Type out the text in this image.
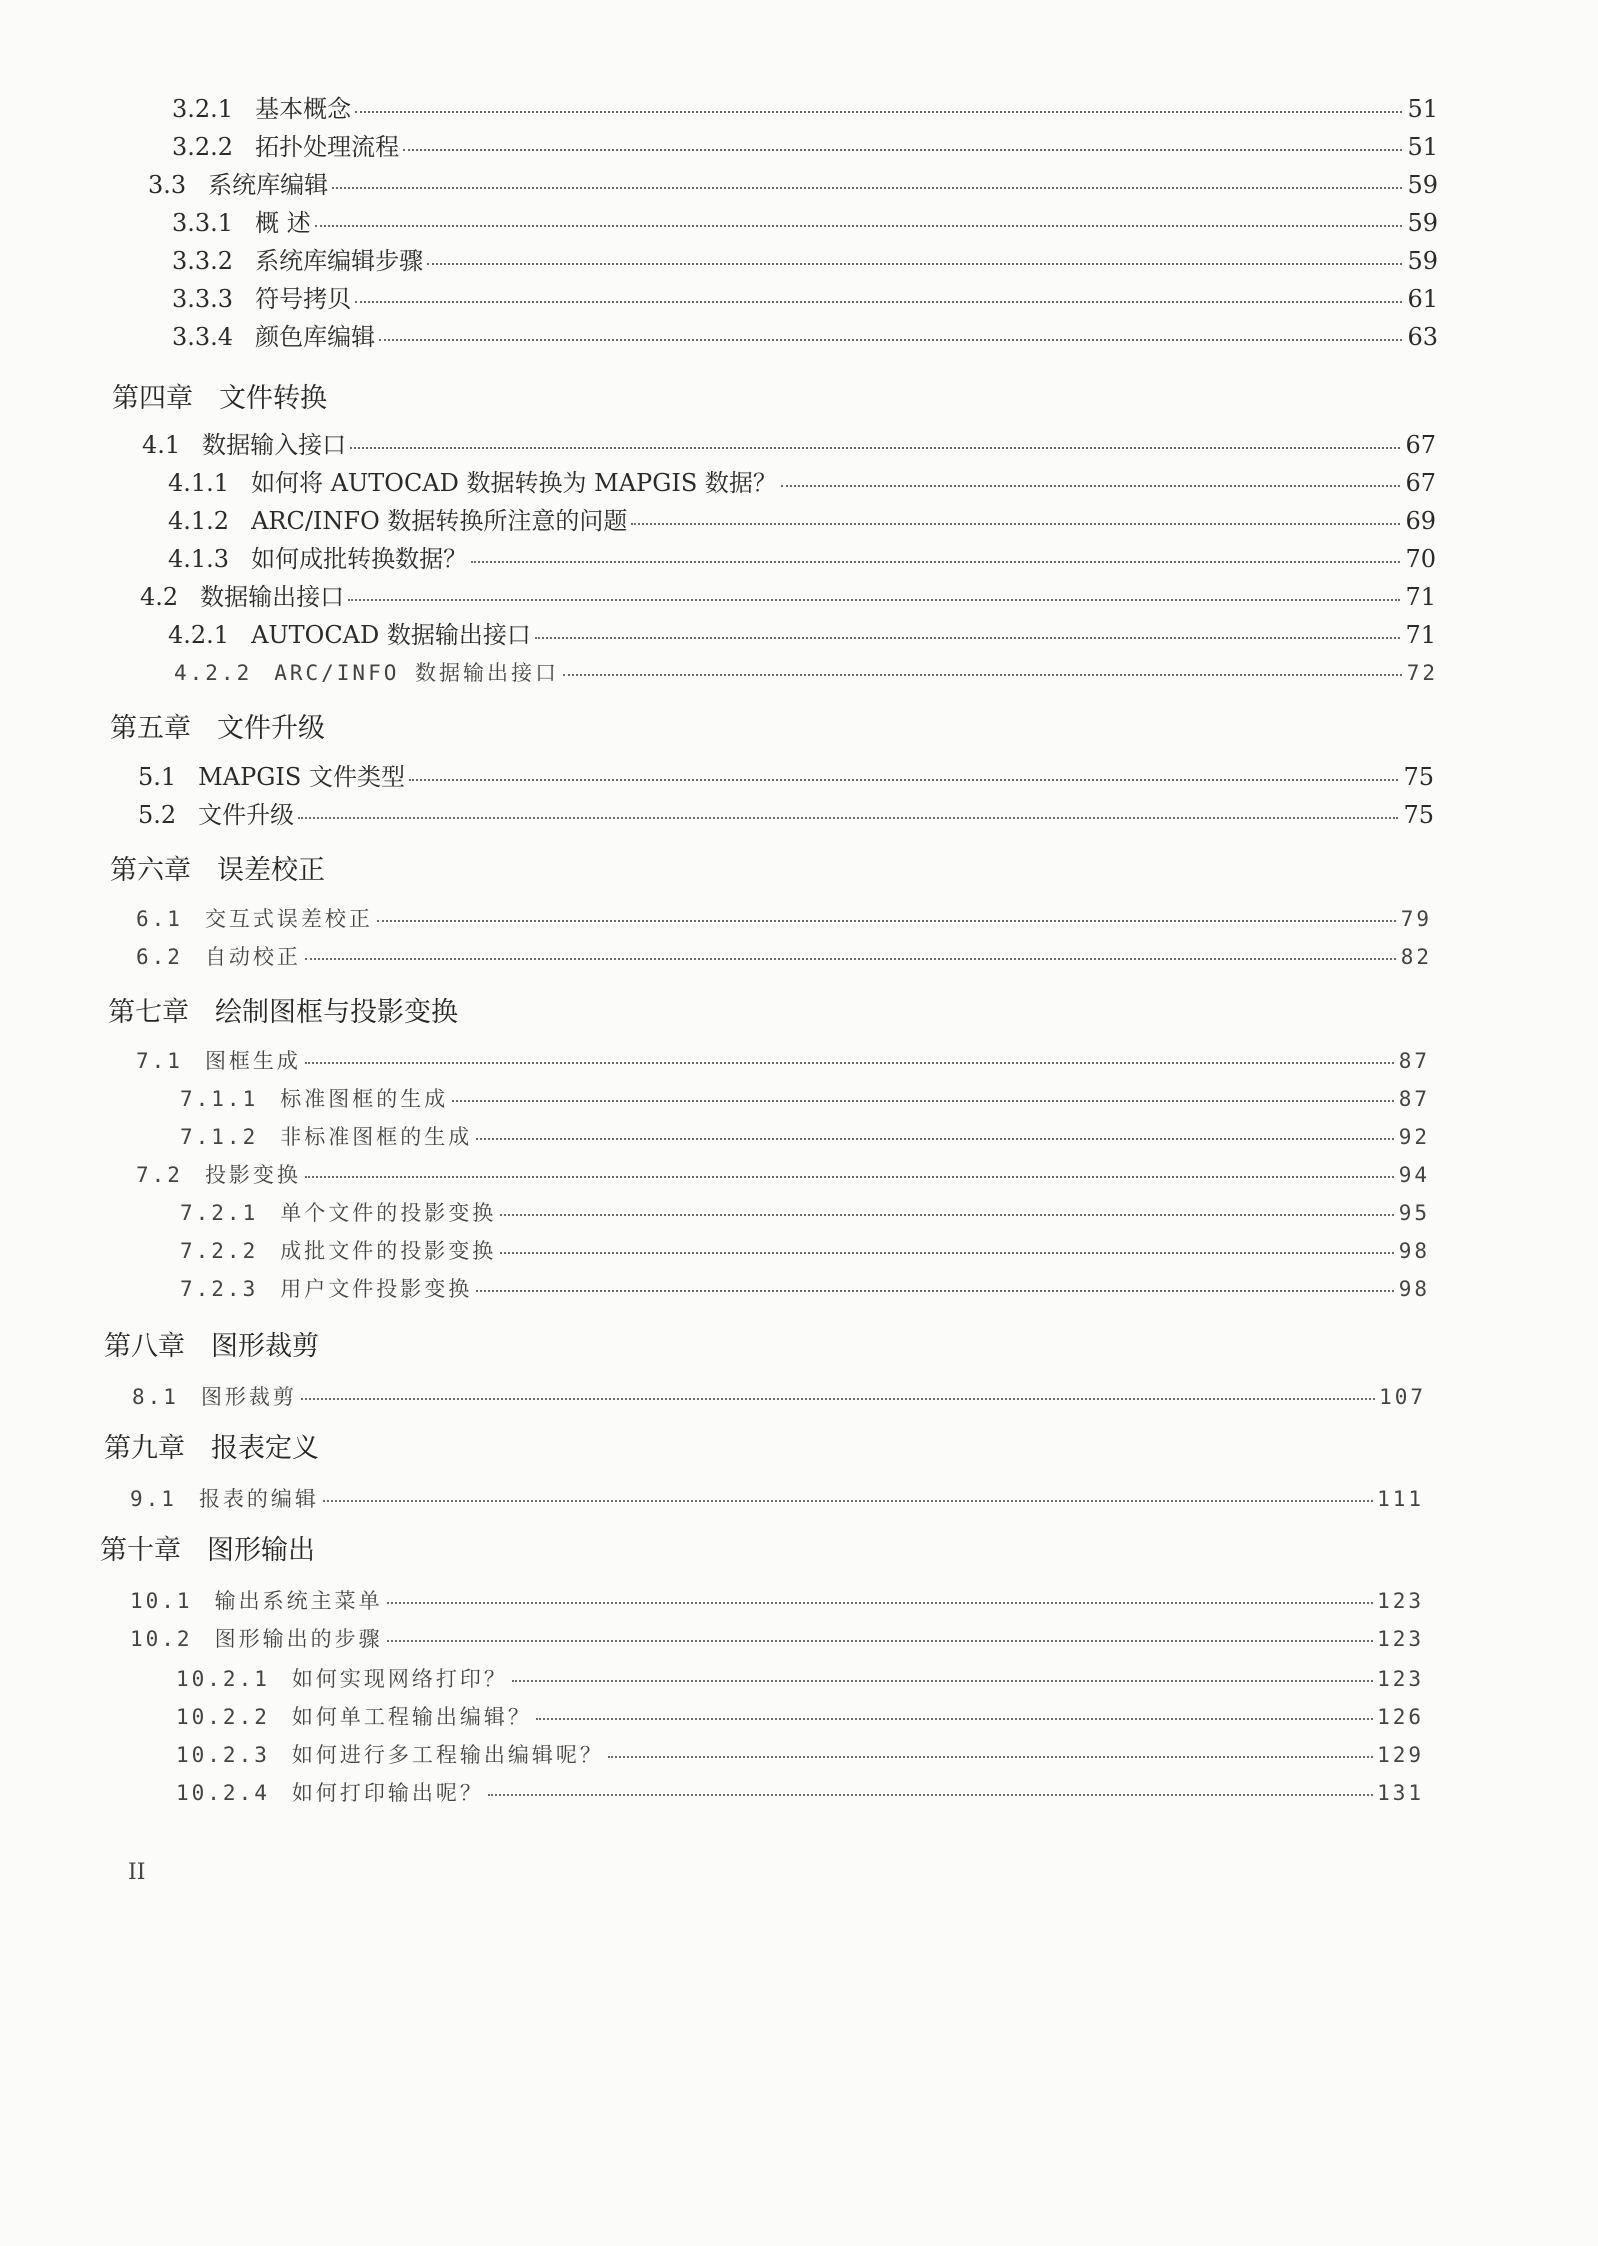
3.2.1 基本概念	51
3.2.2 拓扑处理流程	51
3.3 系统库编辑	59
3.3.1 概 述	59
3.3.2 系统库编辑步骤	59
3.3.3 符号拷贝	61
3.3.4 颜色库编辑	63
第四章 文件转换
4.1 数据输入接口	67
4.1.1 如何将 AUTOCAD 数据转换为 MAPGIS 数据？	67
4.1.2 ARC/INFO 数据转换所注意的问题	69
4.1.3 如何成批转换数据？	70
4.2 数据输出接口	71
4.2.1 AUTOCAD 数据输出接口	71
4.2.2 ARC/INFO 数据输出接口	72
第五章 文件升级
5.1 MAPGIS 文件类型	75
5.2 文件升级	75
第六章 误差校正
6.1 交互式误差校正	79
6.2 自动校正	82
第七章 绘制图框与投影变换
7.1 图框生成	87
7.1.1 标准图框的生成	87
7.1.2 非标准图框的生成	92
7.2 投影变换	94
7.2.1 单个文件的投影变换	95
7.2.2 成批文件的投影变换	98
7.2.3 用户文件投影变换	98
第八章 图形裁剪
8.1 图形裁剪	107
第九章 报表定义
9.1 报表的编辑	111
第十章 图形输出
10.1 输出系统主菜单	123
10.2 图形输出的步骤	123
10.2.1 如何实现网络打印？	123
10.2.2 如何单工程输出编辑？	126
10.2.3 如何进行多工程输出编辑呢？	129
10.2.4 如何打印输出呢？	131
II
